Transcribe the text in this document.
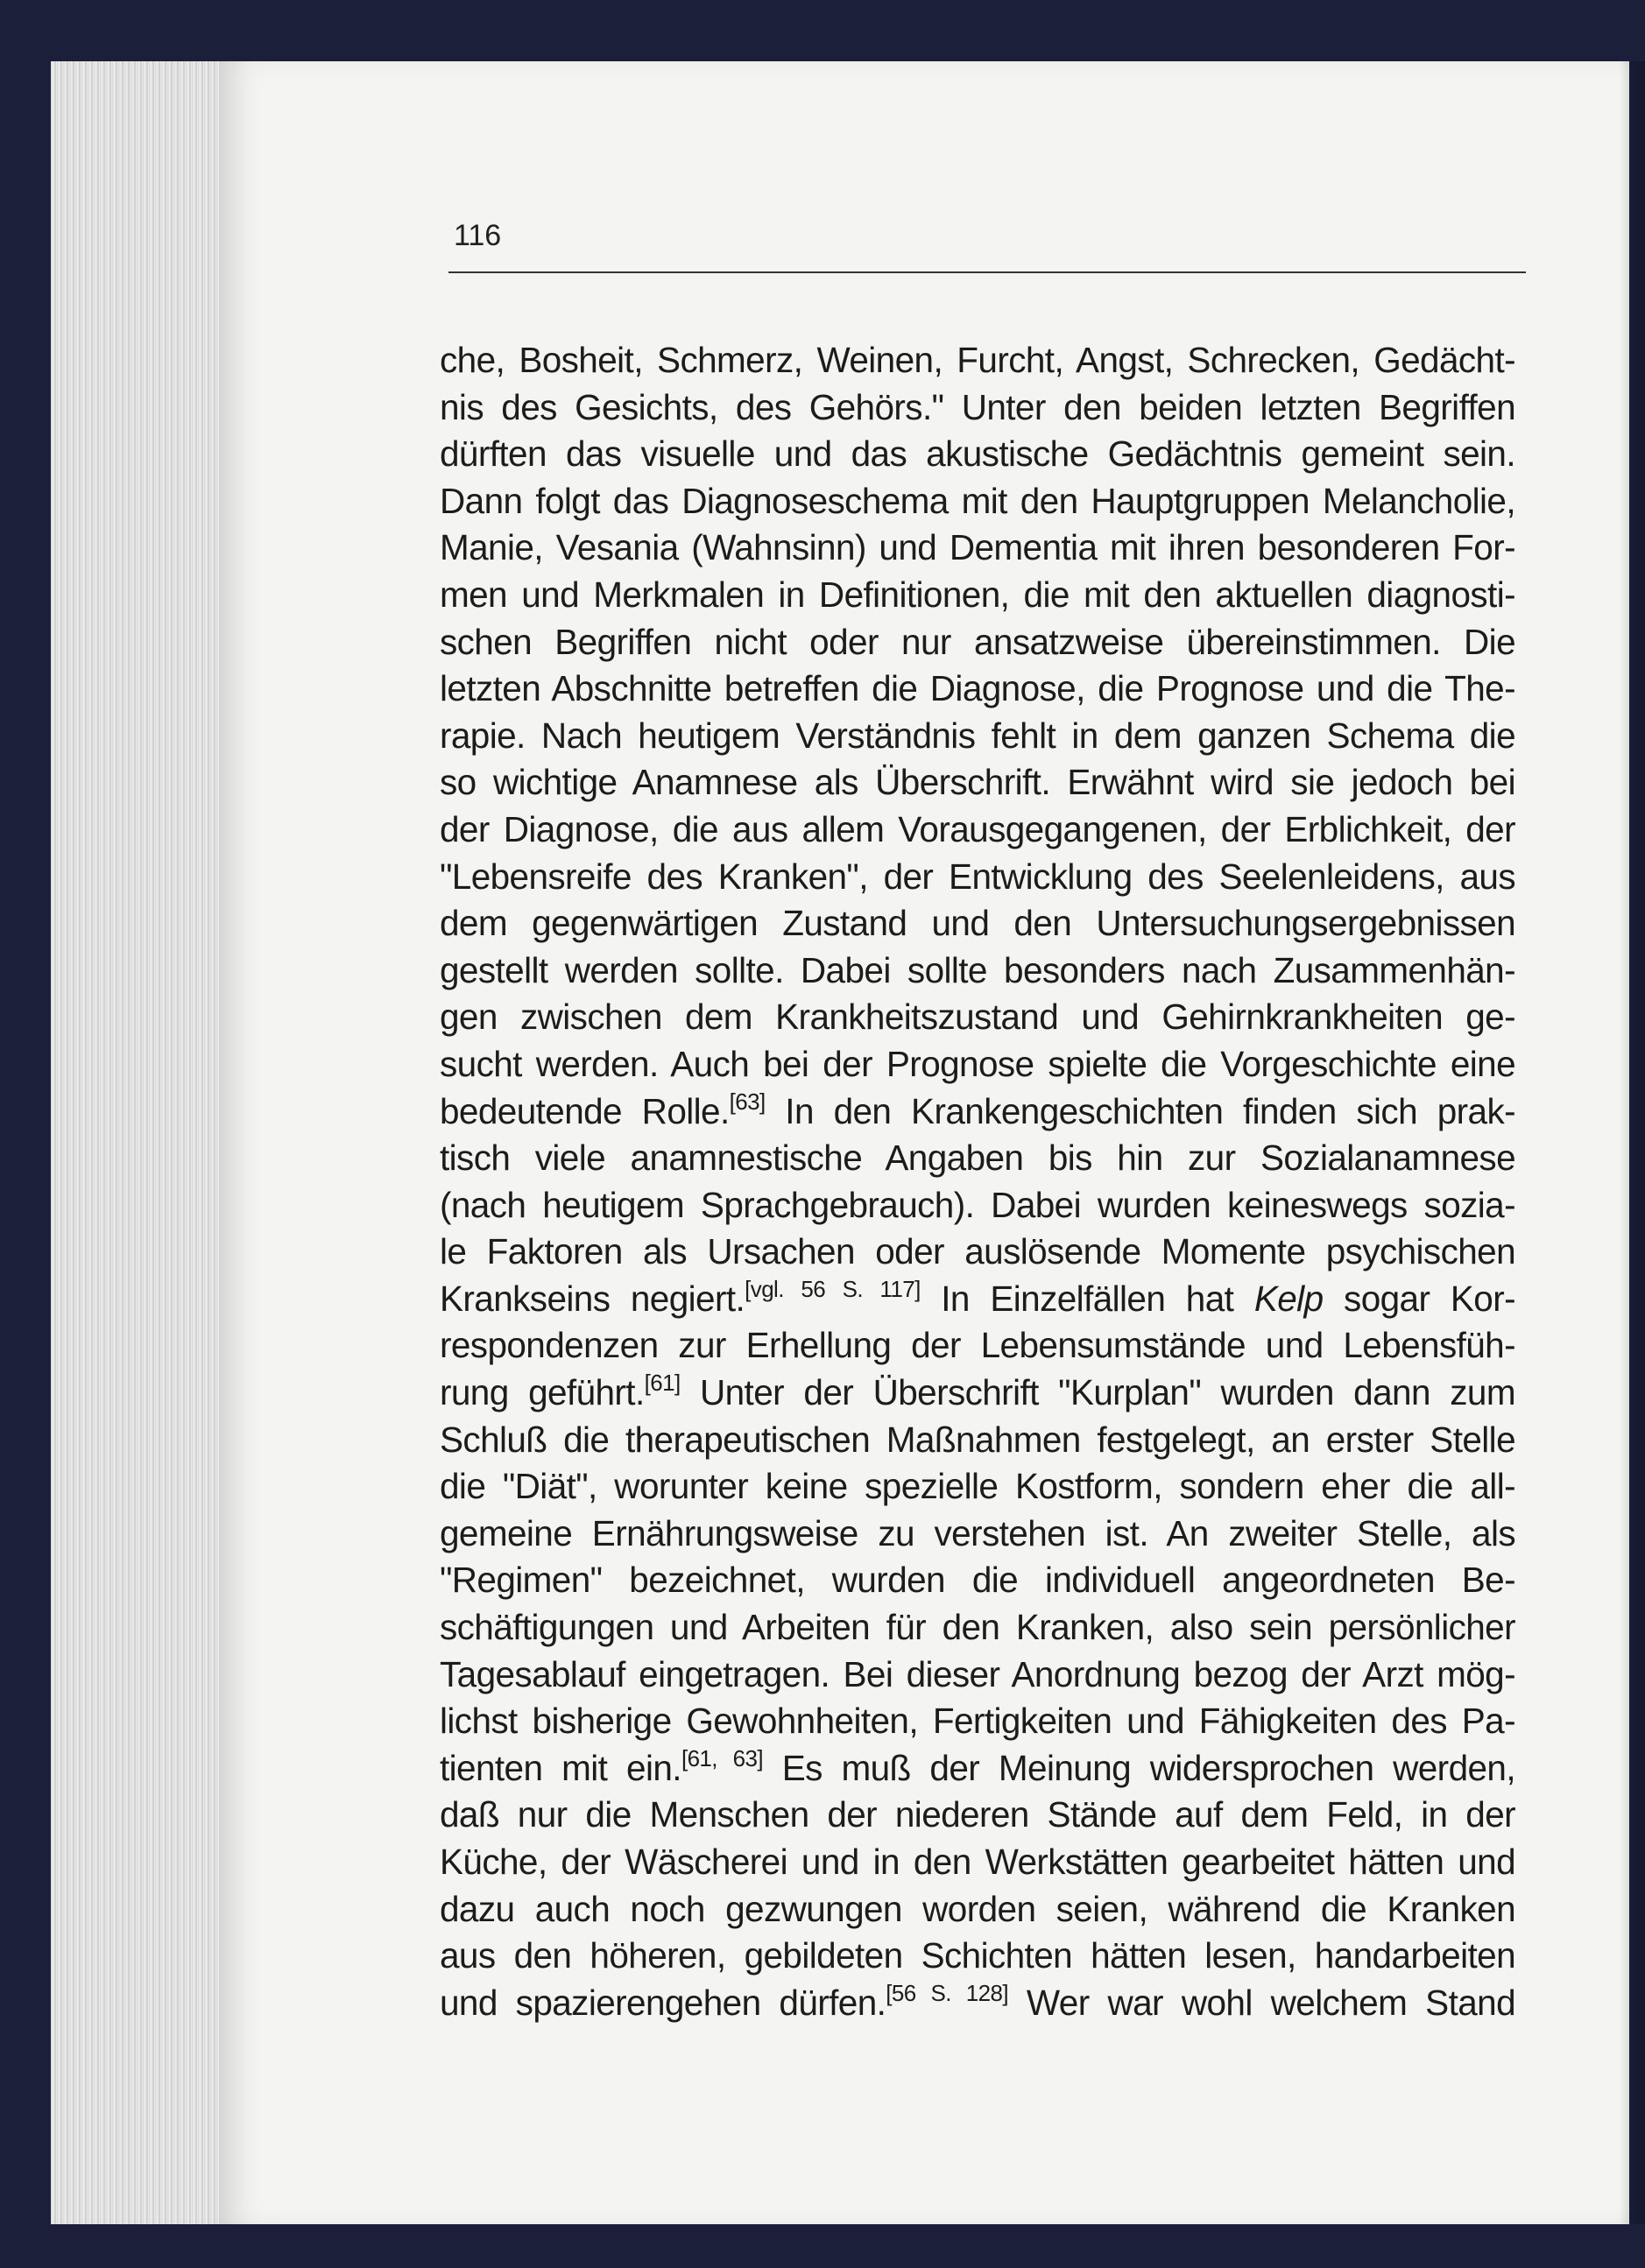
116
che, Bosheit, Schmerz, Weinen, Furcht, Angst, Schrecken, Gedächt-
nis des Gesichts, des Gehörs." Unter den beiden letzten Begriffen
dürften das visuelle und das akustische Gedächtnis gemeint sein.
Dann folgt das Diagnoseschema mit den Hauptgruppen Melancholie,
Manie, Vesania (Wahnsinn) und Dementia mit ihren besonderen For-
men und Merkmalen in Definitionen, die mit den aktuellen diagnosti-
schen Begriffen nicht oder nur ansatzweise übereinstimmen. Die
letzten Abschnitte betreffen die Diagnose, die Prognose und die The-
rapie. Nach heutigem Verständnis fehlt in dem ganzen Schema die
so wichtige Anamnese als Überschrift. Erwähnt wird sie jedoch bei
der Diagnose, die aus allem Vorausgegangenen, der Erblichkeit, der
"Lebensreife des Kranken", der Entwicklung des Seelenleidens, aus
dem gegenwärtigen Zustand und den Untersuchungsergebnissen
gestellt werden sollte. Dabei sollte besonders nach Zusammenhän-
gen zwischen dem Krankheitszustand und Gehirnkrankheiten ge-
sucht werden. Auch bei der Prognose spielte die Vorgeschichte eine
bedeutende Rolle.[63] In den Krankengeschichten finden sich prak-
tisch viele anamnestische Angaben bis hin zur Sozialanamnese
(nach heutigem Sprachgebrauch). Dabei wurden keineswegs sozia-
le Faktoren als Ursachen oder auslösende Momente psychischen
Krankseins negiert.[vgl. 56 S. 117] In Einzelfällen hat Kelp sogar Kor-
respondenzen zur Erhellung der Lebensumstände und Lebensfüh-
rung geführt.[61] Unter der Überschrift "Kurplan" wurden dann zum
Schluß die therapeutischen Maßnahmen festgelegt, an erster Stelle
die "Diät", worunter keine spezielle Kostform, sondern eher die all-
gemeine Ernährungsweise zu verstehen ist. An zweiter Stelle, als
"Regimen" bezeichnet, wurden die individuell angeordneten Be-
schäftigungen und Arbeiten für den Kranken, also sein persönlicher
Tagesablauf eingetragen. Bei dieser Anordnung bezog der Arzt mög-
lichst bisherige Gewohnheiten, Fertigkeiten und Fähigkeiten des Pa-
tienten mit ein.[61, 63] Es muß der Meinung widersprochen werden,
daß nur die Menschen der niederen Stände auf dem Feld, in der
Küche, der Wäscherei und in den Werkstätten gearbeitet hätten und
dazu auch noch gezwungen worden seien, während die Kranken
aus den höheren, gebildeten Schichten hätten lesen, handarbeiten
und spazierengehen dürfen.[56 S. 128] Wer war wohl welchem Stand
